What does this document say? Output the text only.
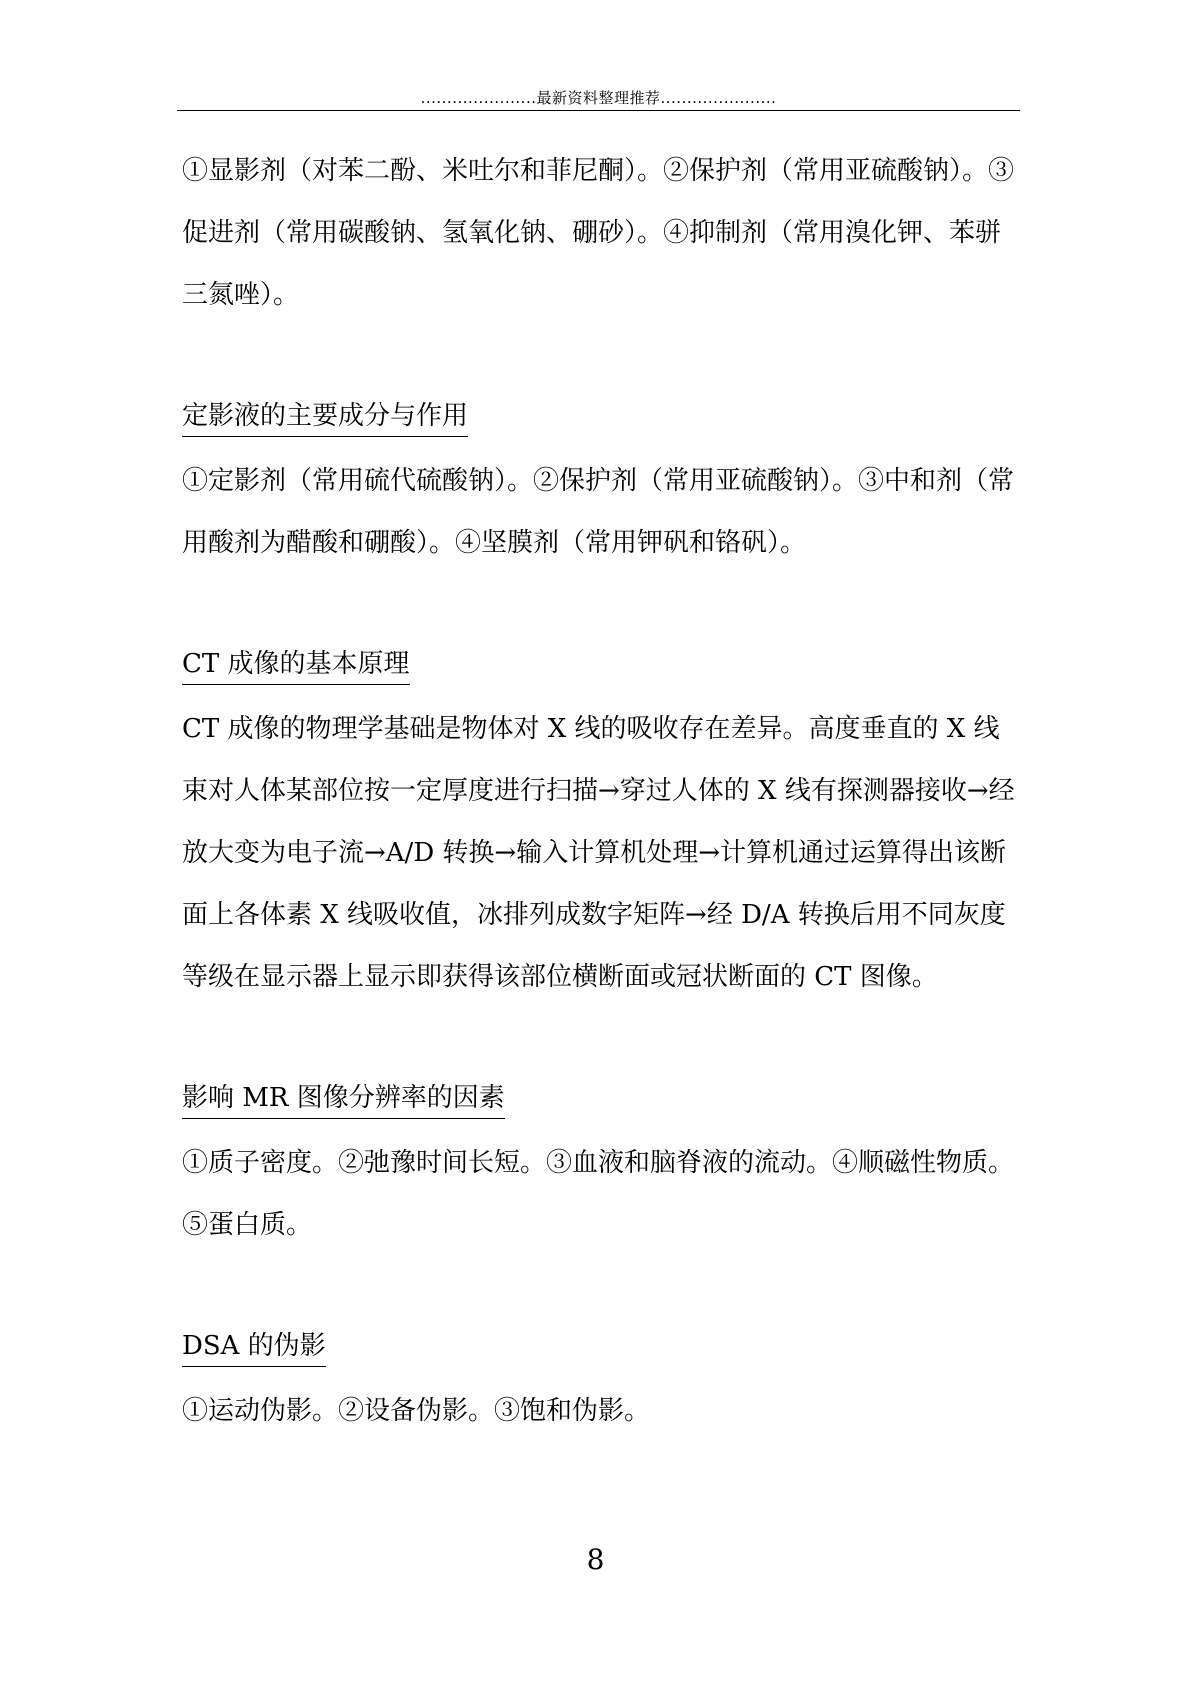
......................最新资料整理推荐......................

①显影剂（对苯二酚、米吐尔和菲尼酮）。②保护剂（常用亚硫酸钠）。③促进剂（常用碳酸钠、氢氧化钠、硼砂）。④抑制剂（常用溴化钾、苯骈三氮唑）。

定影液的主要成分与作用

①定影剂（常用硫代硫酸钠）。②保护剂（常用亚硫酸钠）。③中和剂（常用酸剂为醋酸和硼酸）。④坚膜剂（常用钾矾和铬矾）。

CT 成像的基本原理

CT 成像的物理学基础是物体对 X 线的吸收存在差异。高度垂直的 X 线束对人体某部位按一定厚度进行扫描→穿过人体的 X 线有探测器接收→经放大变为电子流→A/D 转换→输入计算机处理→计算机通过运算得出该断面上各体素 X 线吸收值，冰排列成数字矩阵→经 D/A 转换后用不同灰度等级在显示器上显示即获得该部位横断面或冠状断面的 CT 图像。

影响 MR 图像分辨率的因素

①质子密度。②弛豫时间长短。③血液和脑脊液的流动。④顺磁性物质。⑤蛋白质。

DSA 的伪影

①运动伪影。②设备伪影。③饱和伪影。

8
